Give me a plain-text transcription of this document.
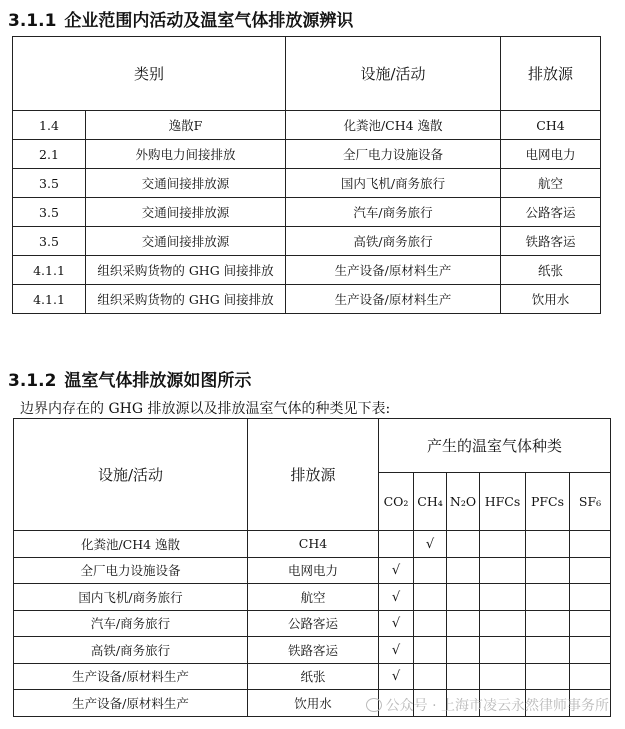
3.1.1 企业范围内活动及温室气体排放源辨识
类别		设施/活动	排放源
1.4	逸散F	化粪池/CH4 逸散	CH4
2.1	外购电力间接排放	全厂电力设施设备	电网电力
3.5	交通间接排放源	国内飞机/商务旅行	航空
3.5	交通间接排放源	汽车/商务旅行	公路客运
3.5	交通间接排放源	高铁/商务旅行	铁路客运
4.1.1	组织采购货物的 GHG 间接排放	生产设备/原材料生产	纸张
4.1.1	组织采购货物的 GHG 间接排放	生产设备/原材料生产	饮用水
3.1.2 温室气体排放源如图所示
边界内存在的 GHG 排放源以及排放温室气体的种类见下表:
设施/活动	排放源	产生的温室气体种类					
		CO₂	CH₄	N₂O	HFCs	PFCs	SF₆
化粪池/CH4 逸散	CH4		√				
全厂电力设施设备	电网电力	√					
国内飞机/商务旅行	航空	√					
汽车/商务旅行	公路客运	√					
高铁/商务旅行	铁路客运	√					
生产设备/原材料生产	纸张	√					
生产设备/原材料生产	饮用水							公众号 · 上海市凌云永然律师事务所
